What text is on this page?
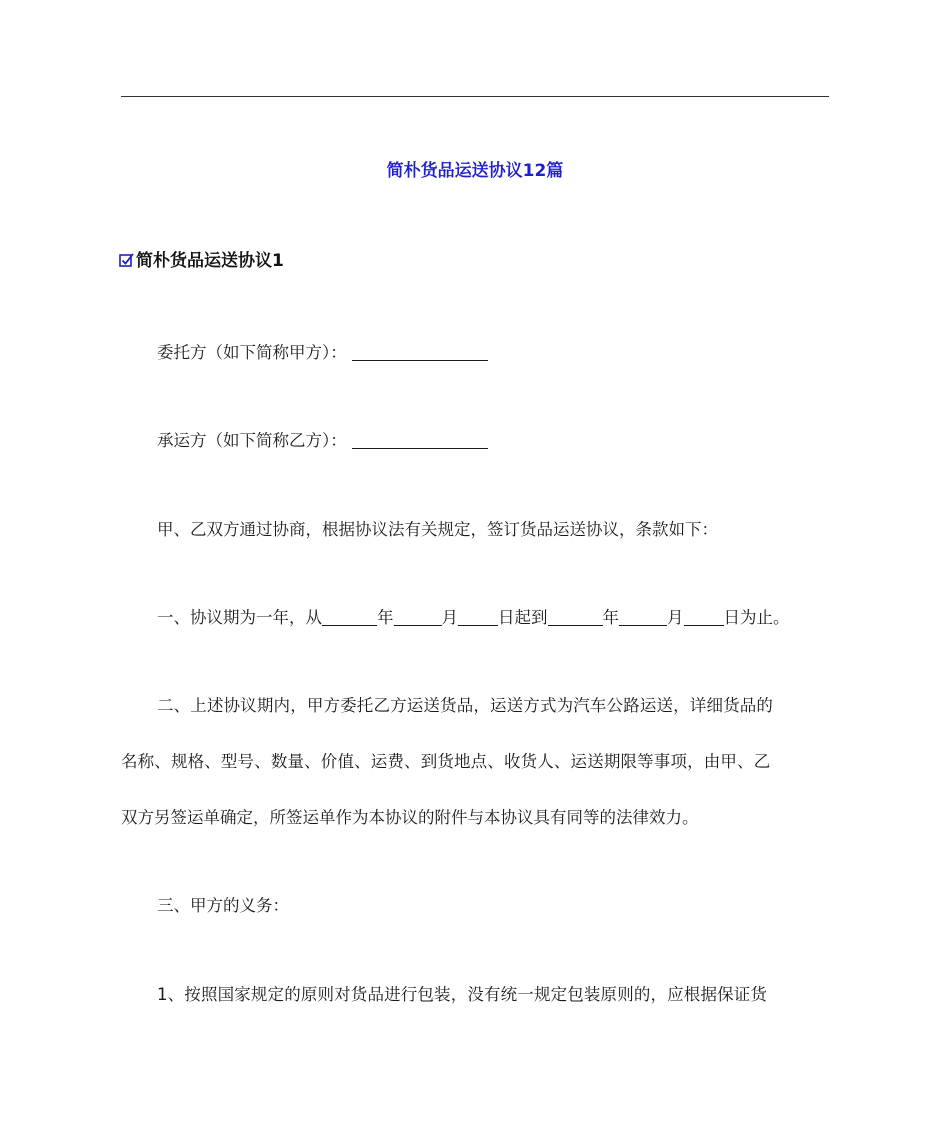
简朴货品运送协议12篇
简朴货品运送协议1
委托方（如下简称甲方）：
承运方（如下简称乙方）：
甲、乙双方通过协商，根据协议法有关规定，签订货品运送协议，条款如下：
一、协议期为一年，从	年	月 日起到	年	月 日为止。
二、上述协议期内，甲方委托乙方运送货品，运送方式为汽车公路运送，详细货品的
名称、规格、型号、数量、价值、运费、到货地点、收货人、运送期限等事项，由甲、乙
双方另签运单确定，所签运单作为本协议的附件与本协议具有同等的法律效力。
三、甲方的义务：
1、按照国家规定的原则对货品进行包装，没有统一规定包装原则的，应根据保证货
